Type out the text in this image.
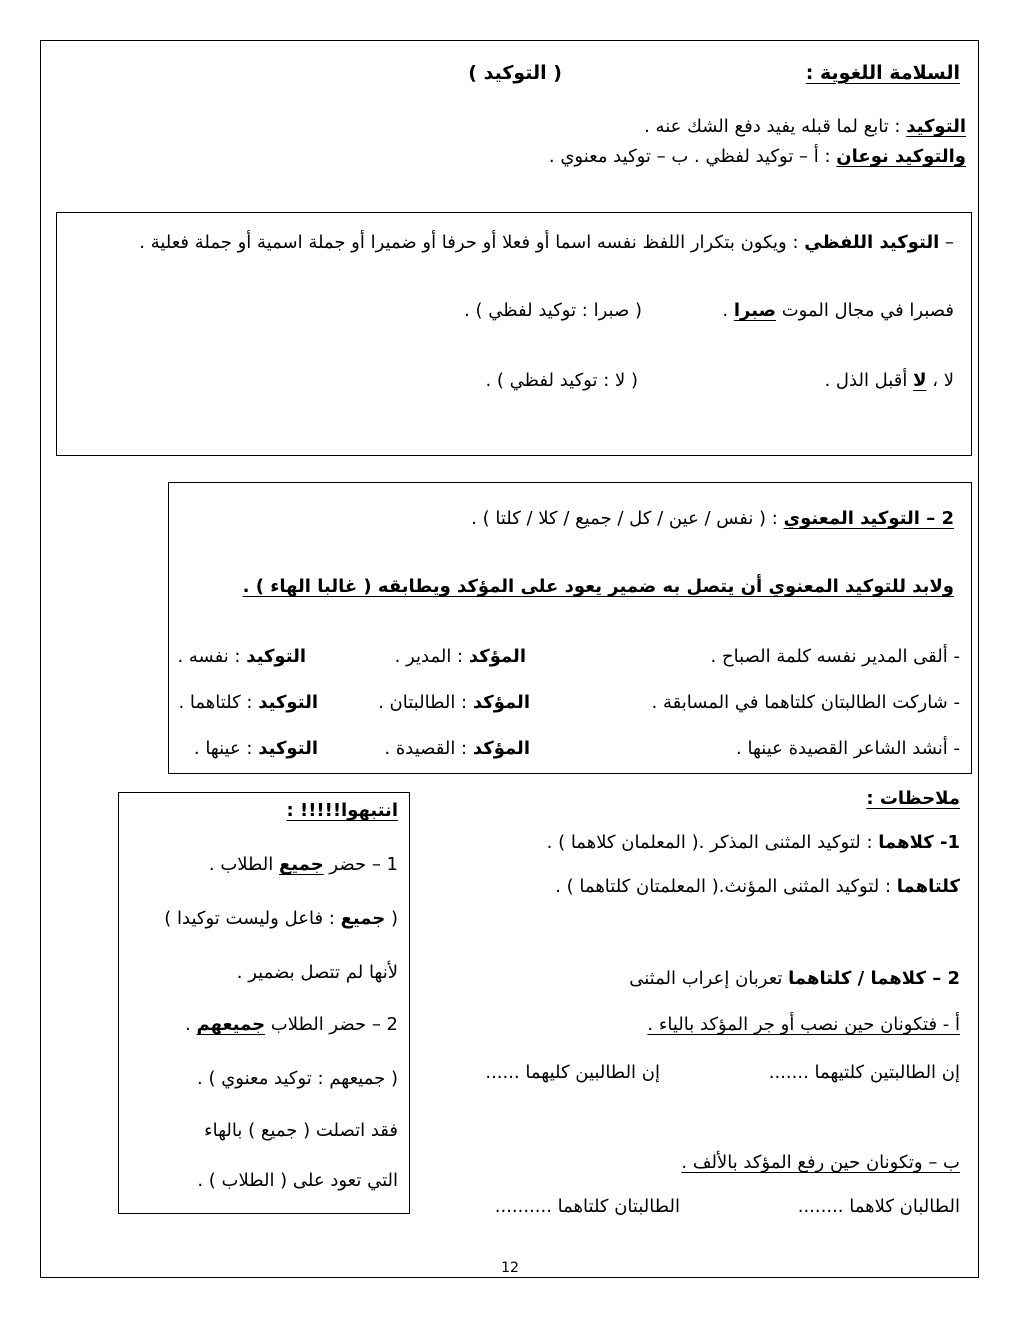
السلامة اللغوية :
( التوكيد )
التوكيد : تابع لما قبله يفيد دفع الشك عنه .
والتوكيد نوعان : أ – توكيد لفظي . ب – توكيد معنوي .
– التوكيد اللفظي : ويكون بتكرار اللفظ نفسه اسما أو فعلا أو حرفا أو ضميرا أو جملة اسمية أو جملة فعلية .
فصبرا في مجال الموت صبرا .
( صبرا : توكيد لفظي ) .
لا ، لا أقبل الذل .
( لا : توكيد لفظي ) .
2 – التوكيد المعنوي : ( نفس / عين / كل / جميع / كلا / كلتا ) .
ولابد للتوكيد المعنوي أن يتصل به ضمير يعود على المؤكد ويطابقه ( غالبا الهاء ) .
- ألقى المدير نفسه كلمة الصباح .
المؤكد : المدير .
التوكيد : نفسه .
- شاركت الطالبتان كلتاهما في المسابقة .
المؤكد : الطالبتان .
التوكيد : كلتاهما .
- أنشد الشاعر القصيدة عينها .
المؤكد : القصيدة .
التوكيد : عينها .
ملاحظات :
1- كلاهما : لتوكيد المثنى المذكر .( المعلمان كلاهما ) .
كلتاهما : لتوكيد المثنى المؤنث.( المعلمتان كلتاهما ) .
2 – كلاهما / كلتاهما تعربان إعراب المثنى
أ - فتكونان حين نصب أو جر المؤكد بالياء .
إن الطالبتين كلتيهما .......
إن الطالبين كليهما ......
ب – وتكونان حين رفع المؤكد بالألف .
الطالبان كلاهما ........
الطالبتان كلتاهما ..........
انتبهوا!!!!! :
1 – حضر جميع الطلاب .
( جميع : فاعل وليست توكيدا )
لأنها لم تتصل بضمير .
2 – حضر الطلاب جميعهم .
( جميعهم : توكيد معنوي ) .
فقد اتصلت ( جميع ) بالهاء
التي تعود على ( الطلاب ) .
12
